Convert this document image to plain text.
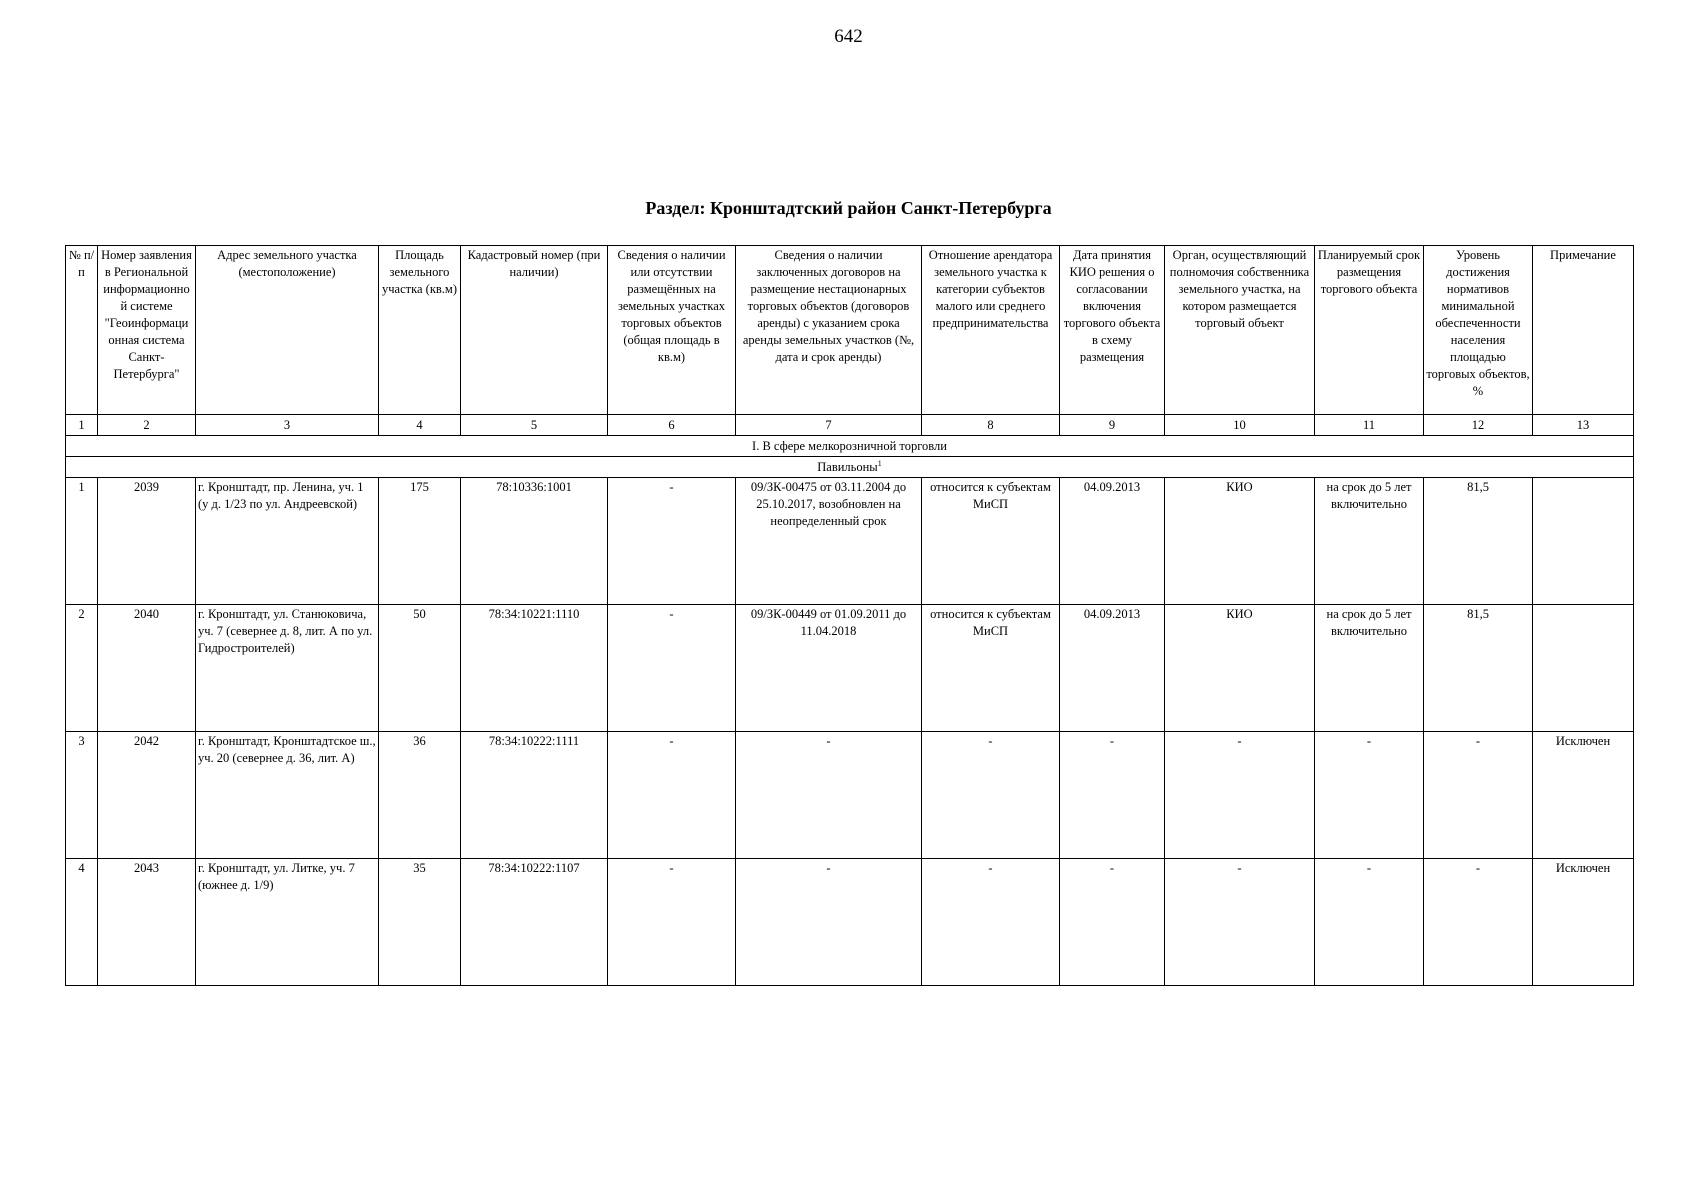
642
Раздел: Кронштадтский район Санкт-Петербурга
№ п/п	Номер заявления в Региональной информационно й системе "Геоинформаци онная система Санкт-Петербурга"	Адрес земельного участка (местоположение)	Площадь земельного участка (кв.м)	Кадастровый номер (при наличии)	Сведения о наличии или отсутствии размещённых на земельных участках торговых объектов (общая площадь в кв.м)	Сведения о наличии заключенных договоров на размещение нестационарных торговых объектов (договоров аренды) с указанием срока аренды земельных участков (№, дата и срок аренды)	Отношение арендатора земельного участка к категории субъектов малого или среднего предпринимательства	Дата принятия КИО решения о согласовании включения торгового объекта в схему размещения	Орган, осуществляющий полномочия собственника земельного участка, на котором размещается торговый объект	Планируемый срок размещения торгового объекта	Уровень достижения нормативов минимальной обеспеченности населения площадью торговых объектов, %	Примечание
1	2	3	4	5	6	7	8	9	10	11	12	13
I. В сфере мелкорозничной торговли												
Павильоны$^1$
1	2039	г. Кронштадт, пр. Ленина, уч. 1 (у д. 1/23 по ул. Андреевской)	175	78:10336:1001	-	09/ЗК-00475 от 03.11.2004 до 25.10.2017, возобновлен на неопределенный срок	относится к субъектам МиСП	04.09.2013	КИО	на срок до 5 лет включительно	81,5	
2	2040	г. Кронштадт, ул. Станюковича, уч. 7 (севернее д. 8, лит. А по ул. Гидростроителей)	50	78:34:10221:1110	-	09/ЗК-00449 от 01.09.2011 до 11.04.2018	относится к субъектам МиСП	04.09.2013	КИО	на срок до 5 лет включительно	81,5	
3	2042	г. Кронштадт, Кронштадтское ш., уч. 20 (севернее д. 36, лит. А)	36	78:34:10222:1111	-	-	-	-	-	-	-	Исключен
4	2043	г. Кронштадт, ул. Литке, уч. 7 (южнее д. 1/9)	35	78:34:10222:1107	-	-	-	-	-	-	-	Исключен
